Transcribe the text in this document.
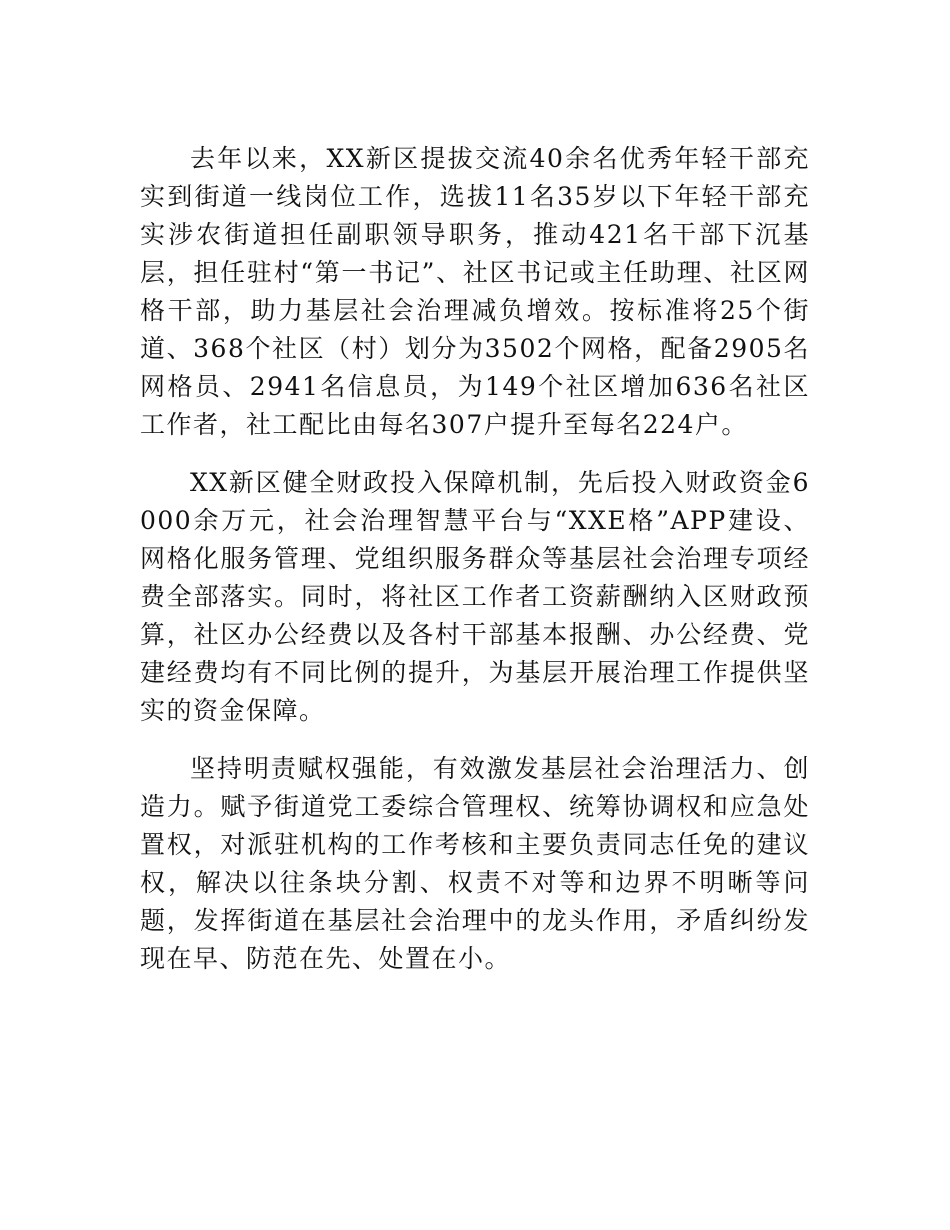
去年以来，XX新区提拔交流40余名优秀年轻干部充实到街道一线岗位工作，选拔11名35岁以下年轻干部充实涉农街道担任副职领导职务，推动421名干部下沉基层，担任驻村“第一书记”、社区书记或主任助理、社区网格干部，助力基层社会治理减负增效。按标准将25个街道、368个社区（村）划分为3502个网格，配备2905名网格员、2941名信息员，为149个社区增加636名社区工作者，社工配比由每名307户提升至每名224户。

XX新区健全财政投入保障机制，先后投入财政资金6000余万元，社会治理智慧平台与“XXE格”APP建设、网格化服务管理、党组织服务群众等基层社会治理专项经费全部落实。同时，将社区工作者工资薪酬纳入区财政预算，社区办公经费以及各村干部基本报酬、办公经费、党建经费均有不同比例的提升，为基层开展治理工作提供坚实的资金保障。

坚持明责赋权强能，有效激发基层社会治理活力、创造力。赋予街道党工委综合管理权、统筹协调权和应急处置权，对派驻机构的工作考核和主要负责同志任免的建议权，解决以往条块分割、权责不对等和边界不明晰等问题，发挥街道在基层社会治理中的龙头作用，矛盾纠纷发现在早、防范在先、处置在小。
